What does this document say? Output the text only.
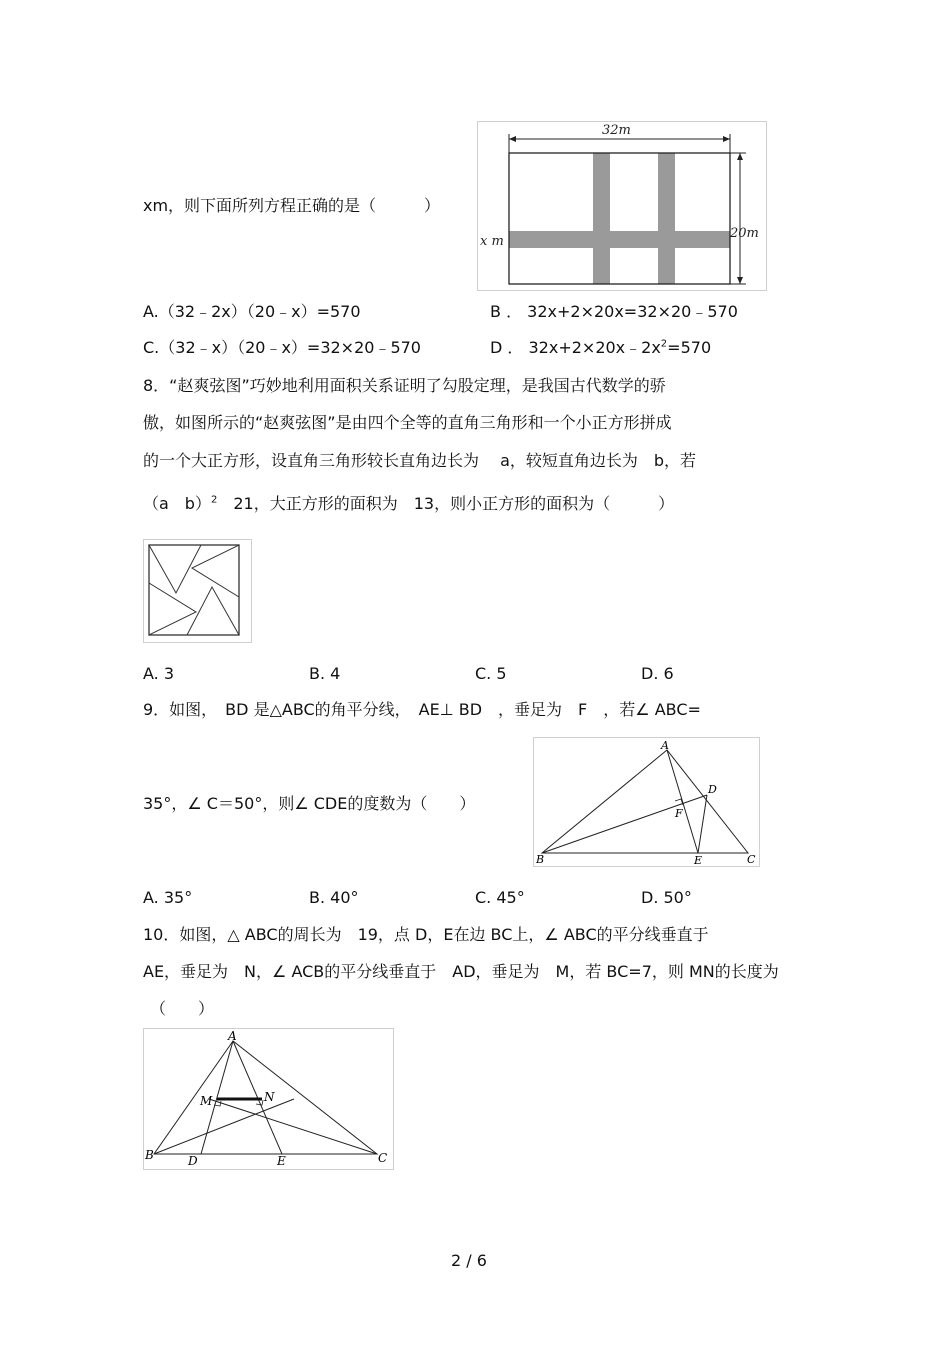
xm，则下面所列方程正确的是（　　　）
32m
20m
x m
A.（32﹣2x）（20﹣x）=570	B ． 32x+2×20x=32×20﹣570
C.（32﹣x）（20﹣x）=32×20﹣570	D ． $32x+2\times 20x﹣2x^2=570$
8．“赵爽弦图”巧妙地利用面积关系证明了勾股定理，是我国古代数学的骄
傲，如图所示的“赵爽弦图”是由四个全等的直角三角形和一个小正方形拼成
的一个大正方形，设直角三角形较长直角边长为　 a，较短直角边长为　b，若
（a　b）$^2$　21，大正方形的面积为　13，则小正方形的面积为（　　　）
A. 3	B. 4	C. 5	D. 6
9．如图，　BD 是△ABC的角平分线，　AE⊥ BD　，垂足为　F　，若∠ ABC=
35°，∠ C＝50°，则∠ CDE的度数为（　　）
A
B	C
D
E
F
A. 35°	B. 40°	C. 45°	D. 50°
10．如图，△ ABC的周长为　19，点 D，E在边 BC上，∠ ABC的平分线垂直于
AE，垂足为　N，∠ ACB的平分线垂直于　AD，垂足为　M，若 BC=7，则 MN的长度为
（　　）
A
B	C
D	E
M	N
2 / 6
